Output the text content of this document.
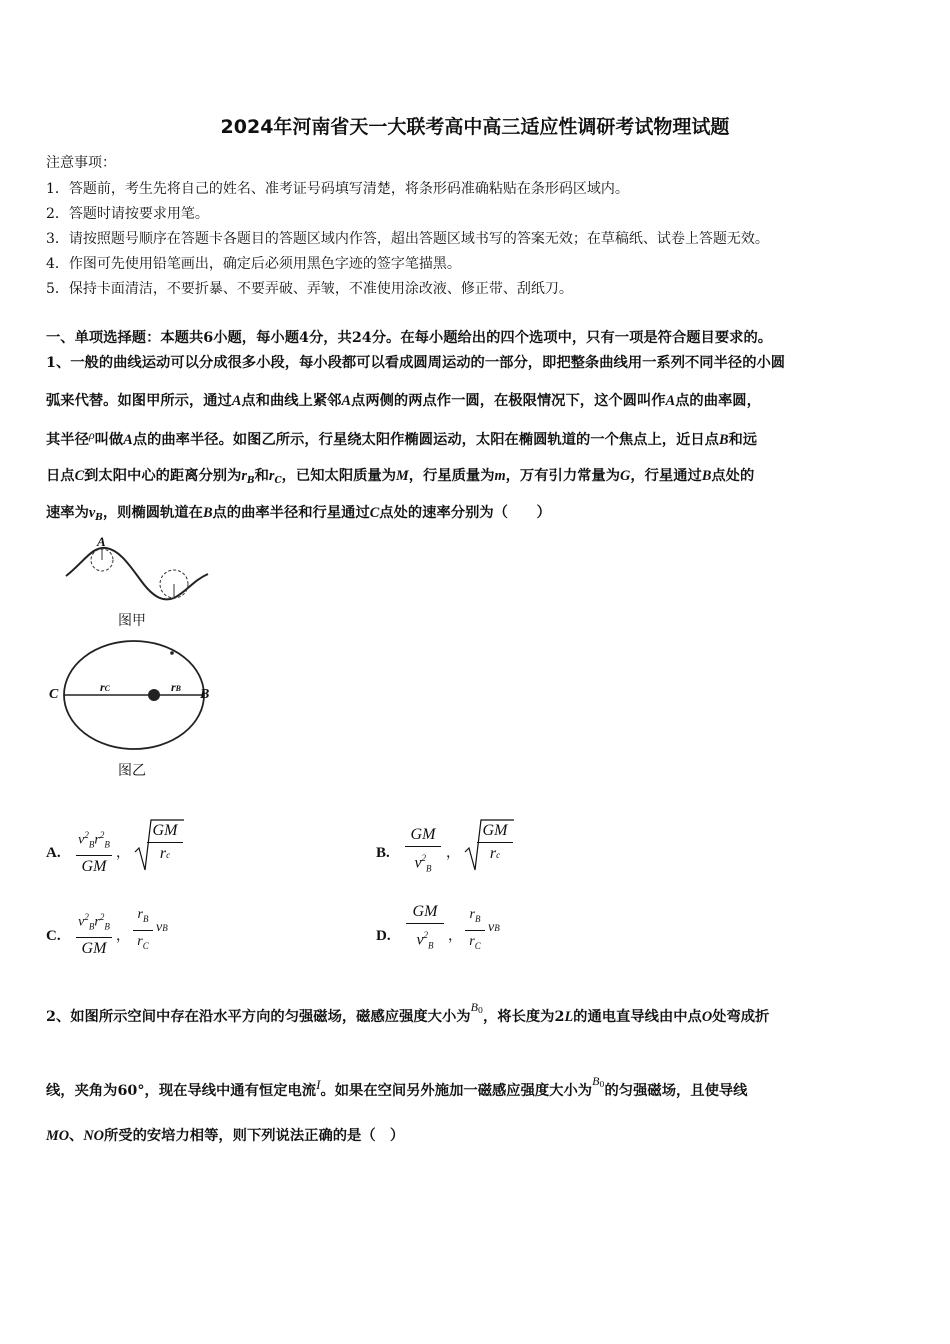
2024年河南省天一大联考高中高三适应性调研考试物理试题
注意事项：
1．答题前，考生先将自己的姓名、准考证号码填写清楚，将条形码准确粘贴在条形码区域内。
2．答题时请按要求用笔。
3．请按照题号顺序在答题卡各题目的答题区域内作答，超出答题区域书写的答案无效；在草稿纸、试卷上答题无效。
4．作图可先使用铅笔画出，确定后必须用黑色字迹的签字笔描黑。
5．保持卡面清洁，不要折暴、不要弄破、弄皱，不准使用涂改液、修正带、刮纸刀。
一、单项选择题：本题共6小题，每小题4分，共24分。在每小题给出的四个选项中，只有一项是符合题目要求的。
1、一般的曲线运动可以分成很多小段，每小段都可以看成圆周运动的一部分，即把整条曲线用一系列不同半径的小圆
弧来代替。如图甲所示，通过A点和曲线上紧邻A点两侧的两点作一圆，在极限情况下，这个圆叫作A点的曲率圆，
其半径$^\rho$叫做A点的曲率半径。如图乙所示，行星绕太阳作椭圆运动，太阳在椭圆轨道的一个焦点上，近日点B和远
日点C到太阳中心的距离分别为$r_B$和$r_C$，已知太阳质量为M，行星质量为m，万有引力常量为G，行星通过B点处的
速率为$v_B$，则椭圆轨道在B点的曲率半径和行星通过C点处的速率分别为（　　）
A
图甲
C	B
rC	rB
图乙
A.
$v^2_Br^2_B$
GM
，
GM
rc	B.
GM
$v^2_B$
，
GM
rc
C.
$v^2_Br^2_B$
GM
，
$r_B$
$r_C$
vB	D.
GM
$v^2_B$
，
$r_B$
$r_C$
vB
2、如图所示空间中存在沿水平方向的匀强磁场，磁感应强度大小为$^{B0}$，将长度为2L的通电直导线由中点O处弯成折
线，夹角为60°，现在导线中通有恒定电流I。如果在空间另外施加一磁感应强度大小为$^{B0}$的匀强磁场，且使导线
MO、NO所受的安培力相等，则下列说法正确的是（　）
